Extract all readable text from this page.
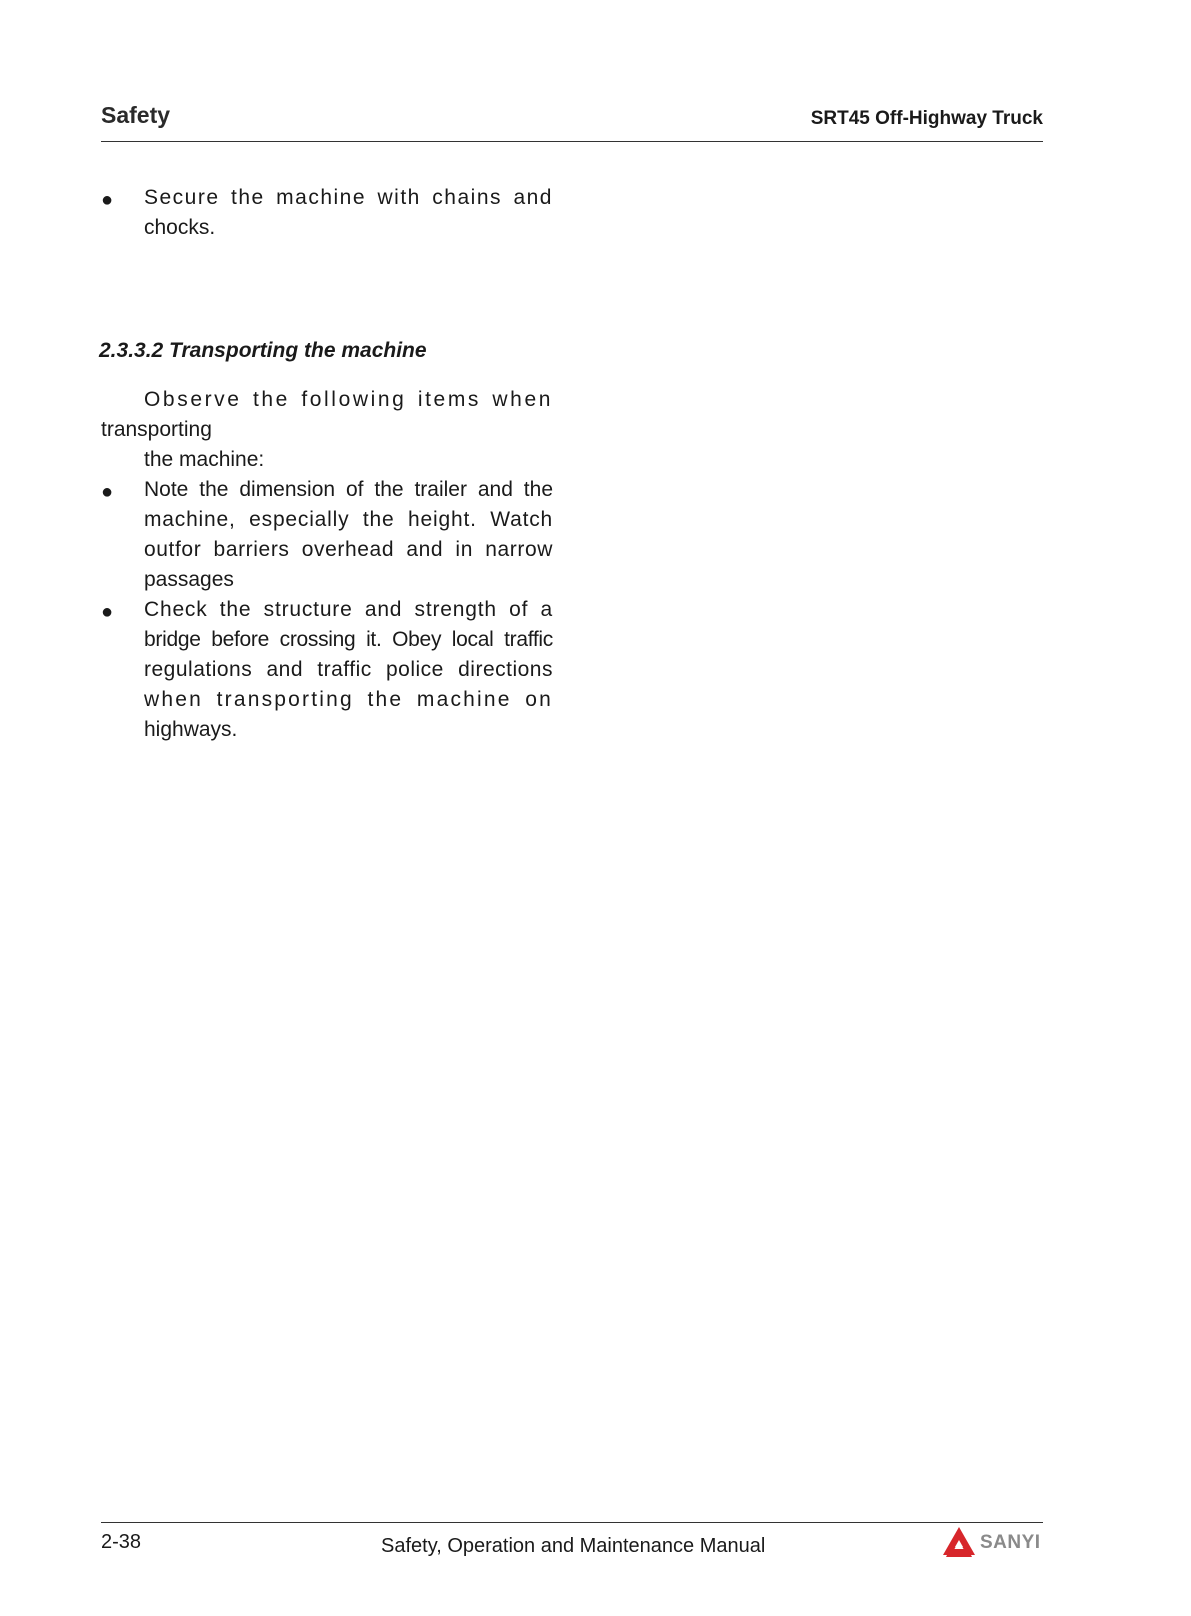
Safety	SRT45 Off-Highway Truck
● Secure the machine with chains and
chocks.
2.3.3.2 Transporting the machine
Observe the following items when
transporting
the machine:
● Note the dimension of the trailer and the
machine, especially the height. Watch
outfor barriers overhead and in narrow
passages
● Check the structure and strength of a
bridge before crossing it. Obey local traffic
regulations and traffic police directions
when transporting the machine on
highways.
2-38	Safety, Operation and Maintenance Manual	SANYI
